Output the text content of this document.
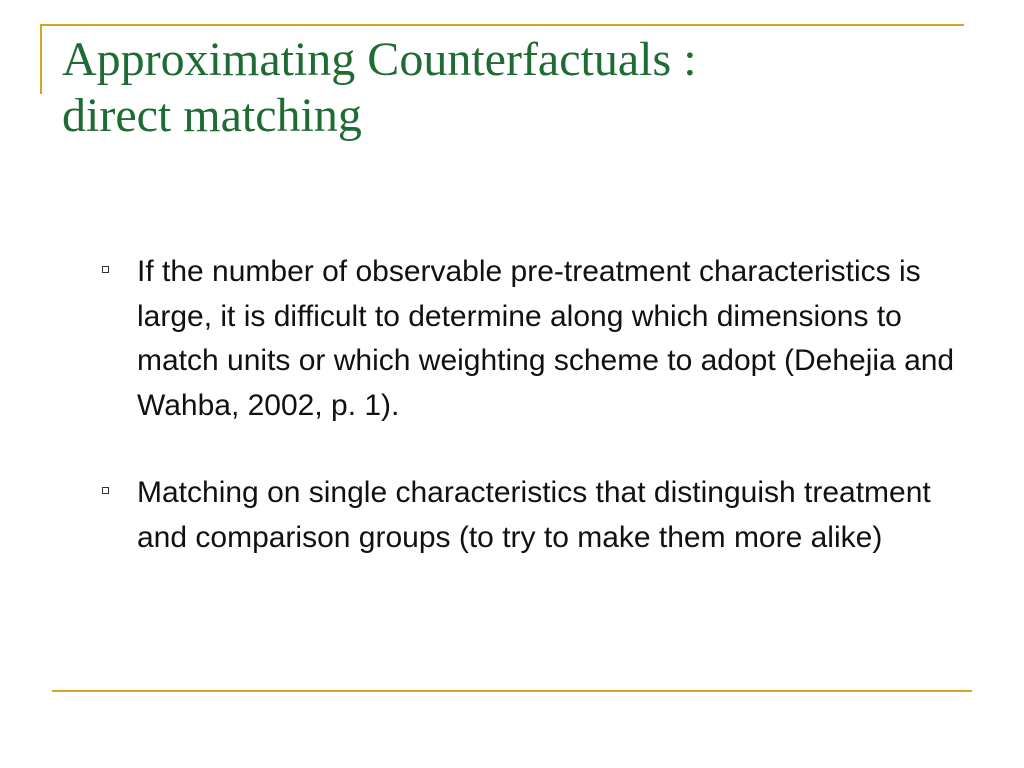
Approximating Counterfactuals :
direct matching
If the number of observable pre-treatment characteristics is large, it is difficult to determine along which dimensions to match units or which weighting scheme to adopt (Dehejia and Wahba, 2002, p. 1).
Matching on single characteristics that distinguish treatment and comparison groups (to try to make them more alike)
